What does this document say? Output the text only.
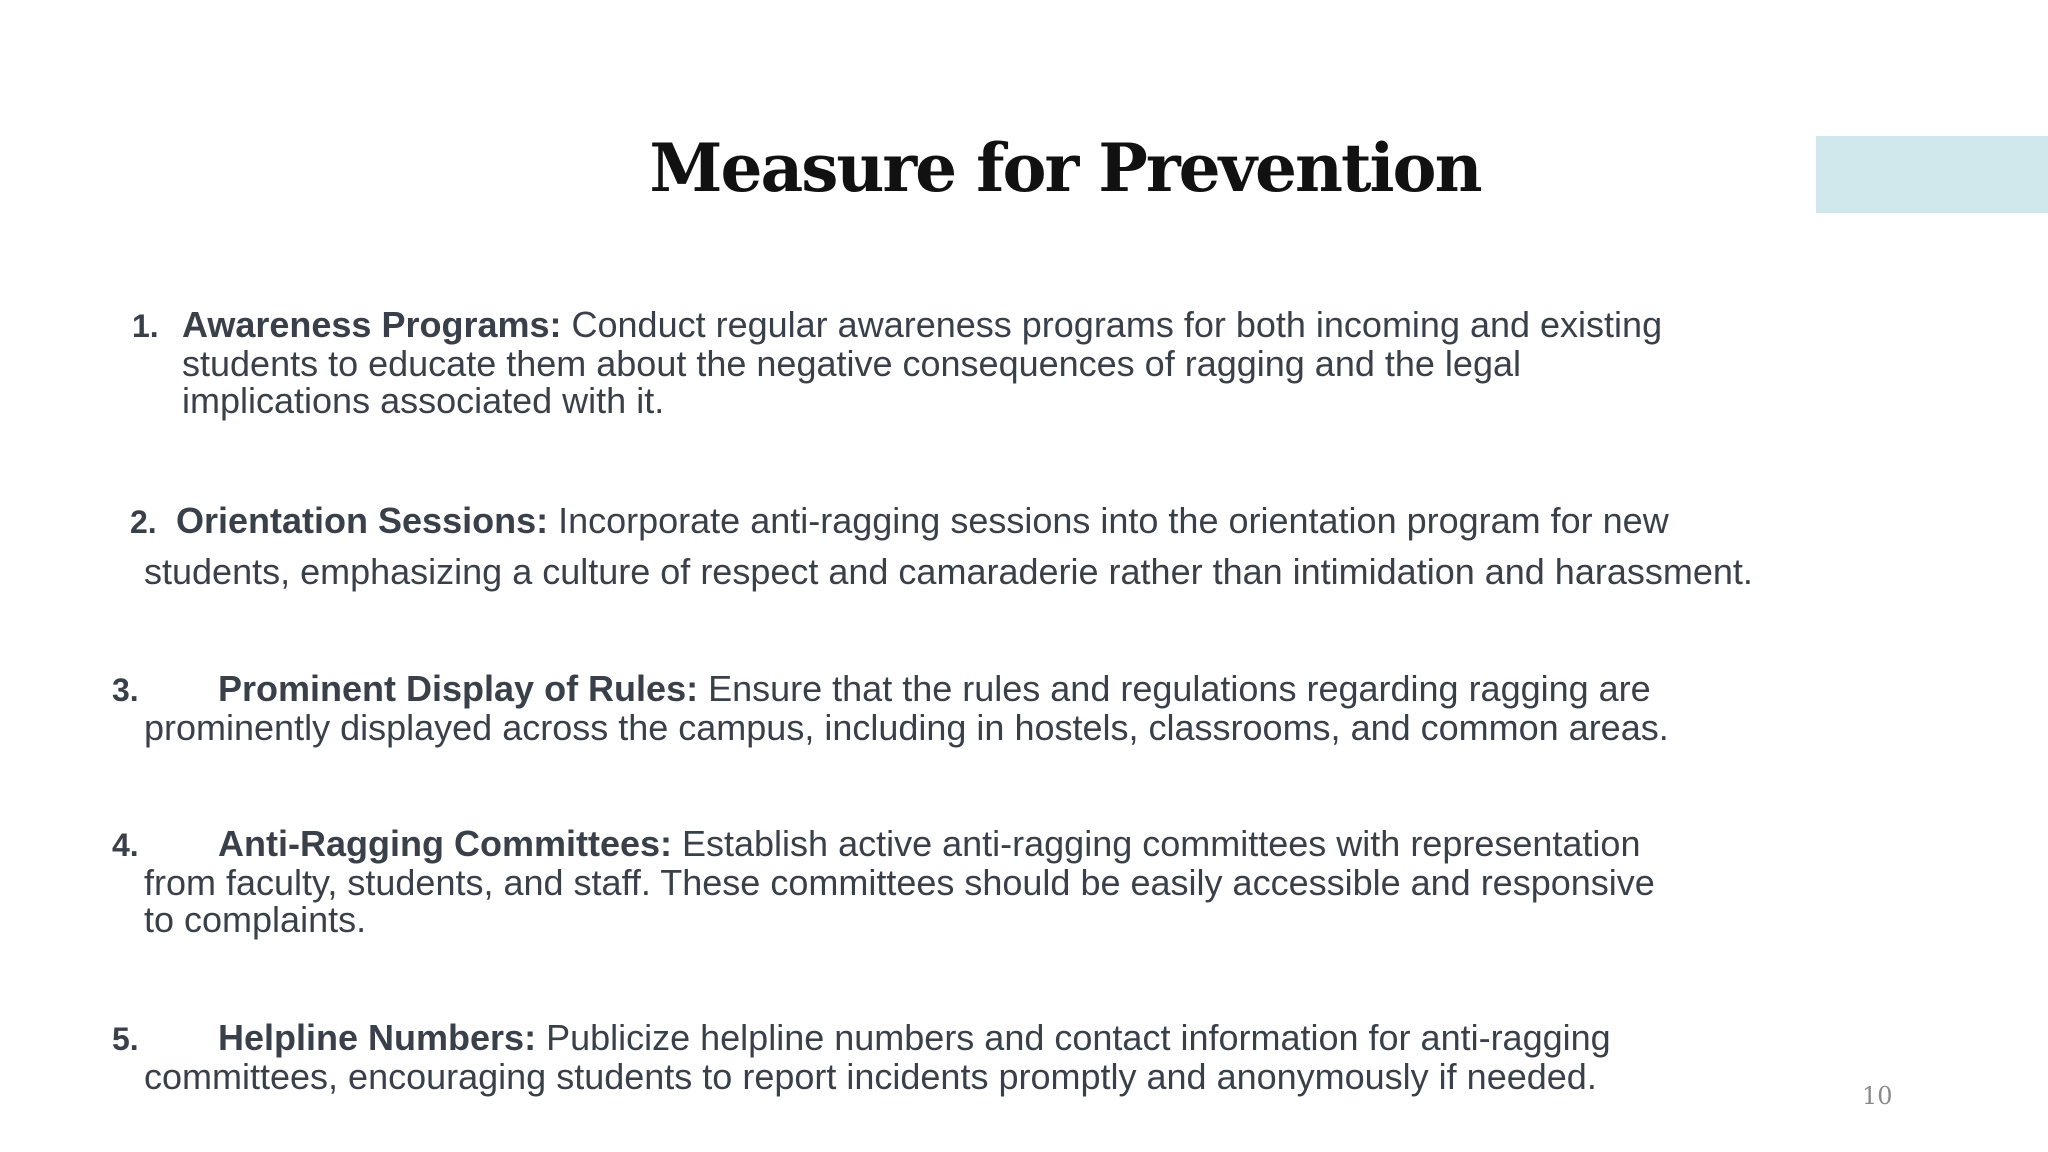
Measure for Prevention
1. Awareness Programs: Conduct regular awareness programs for both incoming and existing
students to educate them about the negative consequences of ragging and the legal
implications associated with it.
2. Orientation Sessions: Incorporate anti-ragging sessions into the orientation program for new
students, emphasizing a culture of respect and camaraderie rather than intimidation and harassment.
3. Prominent Display of Rules: Ensure that the rules and regulations regarding ragging are
prominently displayed across the campus, including in hostels, classrooms, and common areas.
4. Anti-Ragging Committees: Establish active anti-ragging committees with representation
from faculty, students, and staff. These committees should be easily accessible and responsive
to complaints.
5. Helpline Numbers: Publicize helpline numbers and contact information for anti-ragging
committees, encouraging students to report incidents promptly and anonymously if needed.	10
